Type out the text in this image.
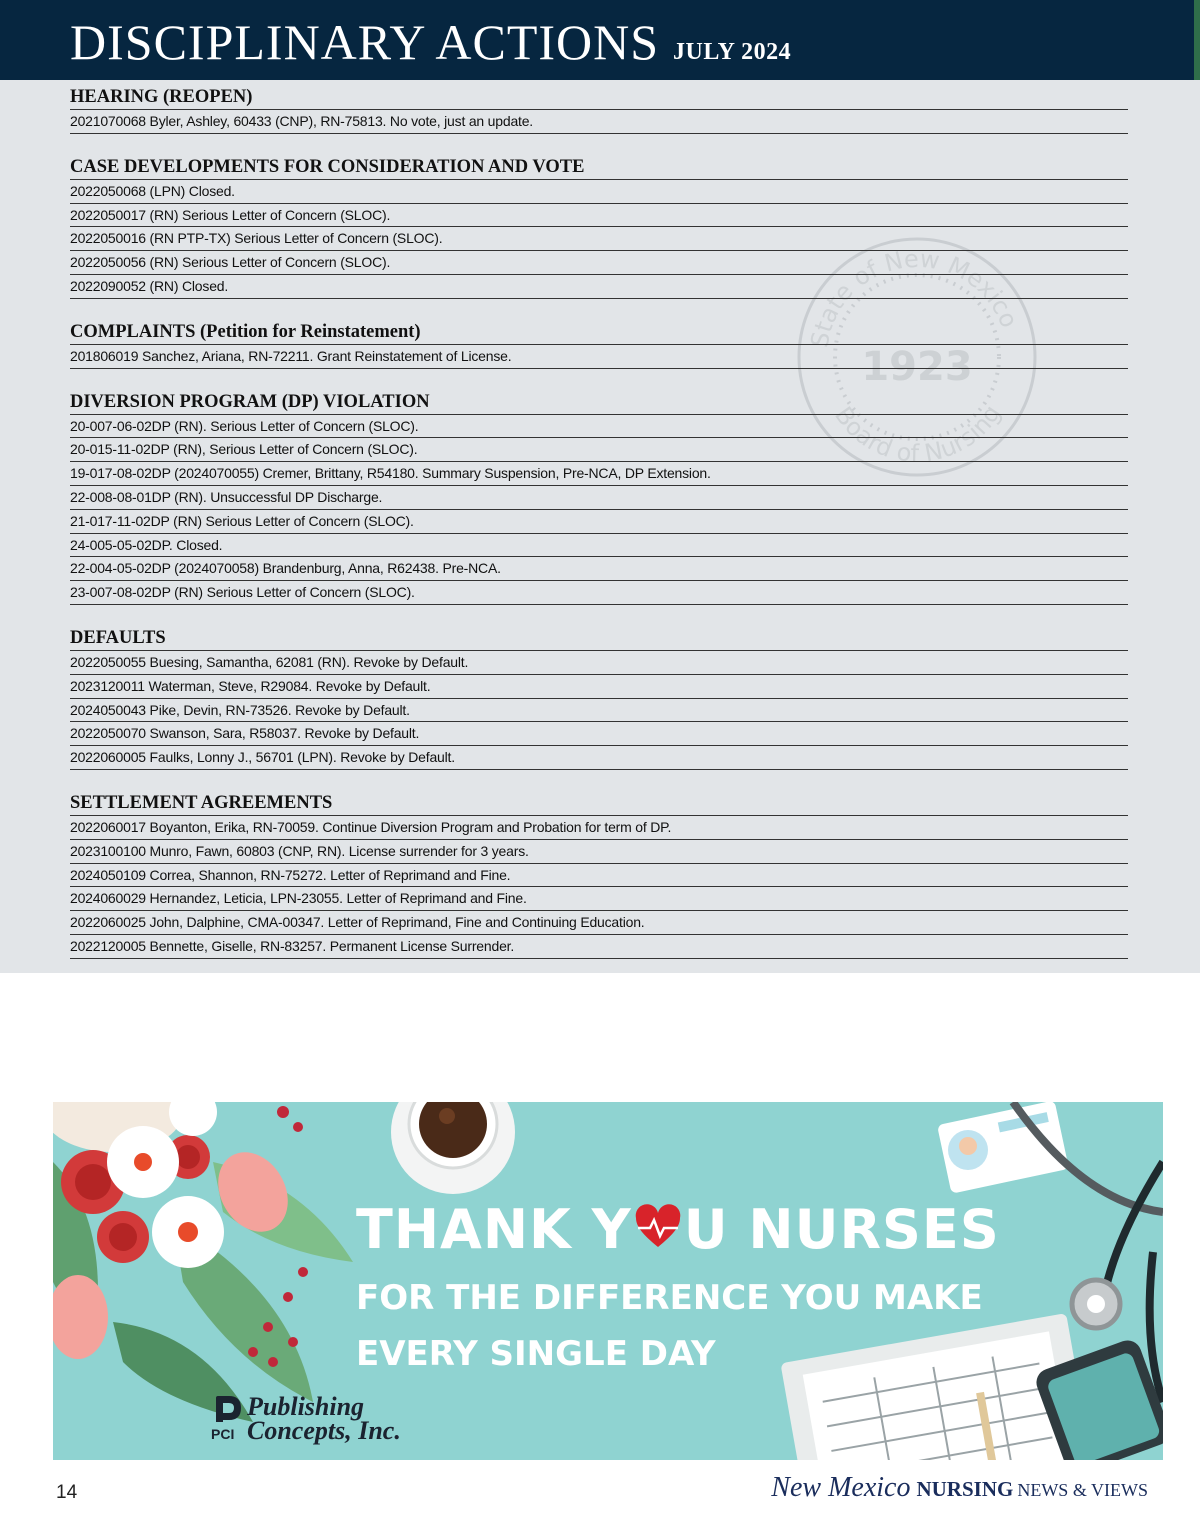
DISCIPLINARY ACTIONS JULY 2024
State of New Mexico
Board of Nursing
1923
HEARING (REOPEN)
2021070068 Byler, Ashley, 60433 (CNP), RN-75813. No vote, just an update.
CASE DEVELOPMENTS FOR CONSIDERATION AND VOTE
2022050068 (LPN) Closed.
2022050017 (RN) Serious Letter of Concern (SLOC).
2022050016 (RN PTP-TX) Serious Letter of Concern (SLOC).
2022050056 (RN) Serious Letter of Concern (SLOC).
2022090052 (RN) Closed.
COMPLAINTS (Petition for Reinstatement)
201806019 Sanchez, Ariana, RN-72211. Grant Reinstatement of License.
DIVERSION PROGRAM (DP) VIOLATION
20-007-06-02DP (RN). Serious Letter of Concern (SLOC).
20-015-11-02DP (RN), Serious Letter of Concern (SLOC).
19-017-08-02DP (2024070055) Cremer, Brittany, R54180. Summary Suspension, Pre-NCA, DP Extension.
22-008-08-01DP (RN). Unsuccessful DP Discharge.
21-017-11-02DP (RN) Serious Letter of Concern (SLOC).
24-005-05-02DP. Closed.
22-004-05-02DP (2024070058) Brandenburg, Anna, R62438. Pre-NCA.
23-007-08-02DP (RN) Serious Letter of Concern (SLOC).
DEFAULTS
2022050055 Buesing, Samantha, 62081 (RN). Revoke by Default.
2023120011 Waterman, Steve, R29084. Revoke by Default.
2024050043 Pike, Devin, RN-73526. Revoke by Default.
2022050070 Swanson, Sara, R58037. Revoke by Default.
2022060005 Faulks, Lonny J., 56701 (LPN). Revoke by Default.
SETTLEMENT AGREEMENTS
2022060017 Boyanton, Erika, RN-70059. Continue Diversion Program and Probation for term of DP.
2023100100 Munro, Fawn, 60803 (CNP, RN). License surrender for 3 years.
2024050109 Correa, Shannon, RN-75272. Letter of Reprimand and Fine.
2024060029 Hernandez, Leticia, LPN-23055. Letter of Reprimand and Fine.
2022060025 John, Dalphine, CMA-00347. Letter of Reprimand, Fine and Continuing Education.
2022120005 Bennette, Giselle, RN-83257. Permanent License Surrender.
THANK Y U NURSES
FOR THE DIFFERENCE YOU MAKE
EVERY SINGLE DAY
Publishing
PCI Concepts, Inc.
14	New Mexico NURSING NEWS & VIEWS
